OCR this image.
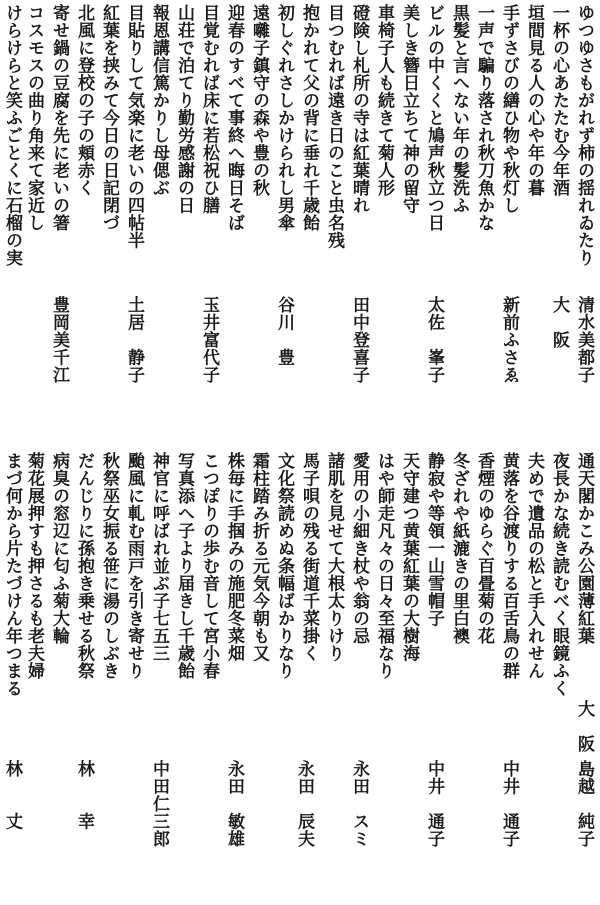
ゆつゆさもがれず柿の揺れゐたり
一杯の心あたたむ今年酒
垣間見る人の心や年の暮
手ずさびの繕ひ物や秋灯し
一声で騙り落され秋刀魚かな
黒髪と言へない年の髪洗ふ
ビルの中くくと鳩声秋立つ日
美しき簪日立ちて神の留守
車椅子人も続きて菊人形
磴険し札所の寺は紅葉晴れ
目つむれば遠き日のこと虫名残
抱かれて父の背に垂れ千歳飴
初しぐれさしかけられし男傘
遠囃子鎮守の森や豊の秋
迎春のすべて事終へ晦日そば
目覚むれば床に若松祝ひ膳
山荘で泊てり勤労感謝の日
報恩講信篤かりし母偲ぶ
目貼りして気楽に老いの四帖半
紅葉を挟みて今日の日記閉づ
北風に登校の子の頬赤く
寄せ鍋の豆腐を先に老いの箸
コスモスの曲り角来て家近し
けらけらと笑ふごとくに石榴の実
大　阪
通天閣かこみ公園薄紅葉
夜長かな続き読むべく眼鏡ふく
夫めで遺品の松と手入れせん
黄落を谷渡りする百舌鳥の群
香煙のゆらぐ百畳菊の花
冬ざれや紙漉きの里白襖
静寂や等領一山雪帽子
天守建つ黄葉紅葉の大樹海
はや師走凡々の日々至福なり
愛用の小細き杖や翁の忌
諸肌を見せて大根太りけり
馬子唄の残る街道千菜掛く
文化祭読めぬ条幅ばかりなり
霜柱踏み折る元気今朝も又
株毎に手掴みの施肥冬菜畑
こつぽりの歩む音して宮小春
写真添へ子より届きし千歳飴
神官に呼ばれ並ぶ子七五三
颱風に軋む雨戸を引き寄せり
秋祭巫女振る笹に湯のしぶき
だんじりに孫抱き乗せる秋祭
病臭の窓辺に匂ふ菊大輪
菊花展押すも押さるも老夫婦
まづ何から片たづけん年つまる
清水美都子
新前ふさゑ
太佐　峯子
田中登喜子
谷川　豊
玉井富代子
土居　静子
豊岡美千江
島越　純子
中井　通子
中井　通子
永田　スミ
永田　辰夫
永田　敏雄
中田仁三郎
林　　幸
林　　丈
大　阪
